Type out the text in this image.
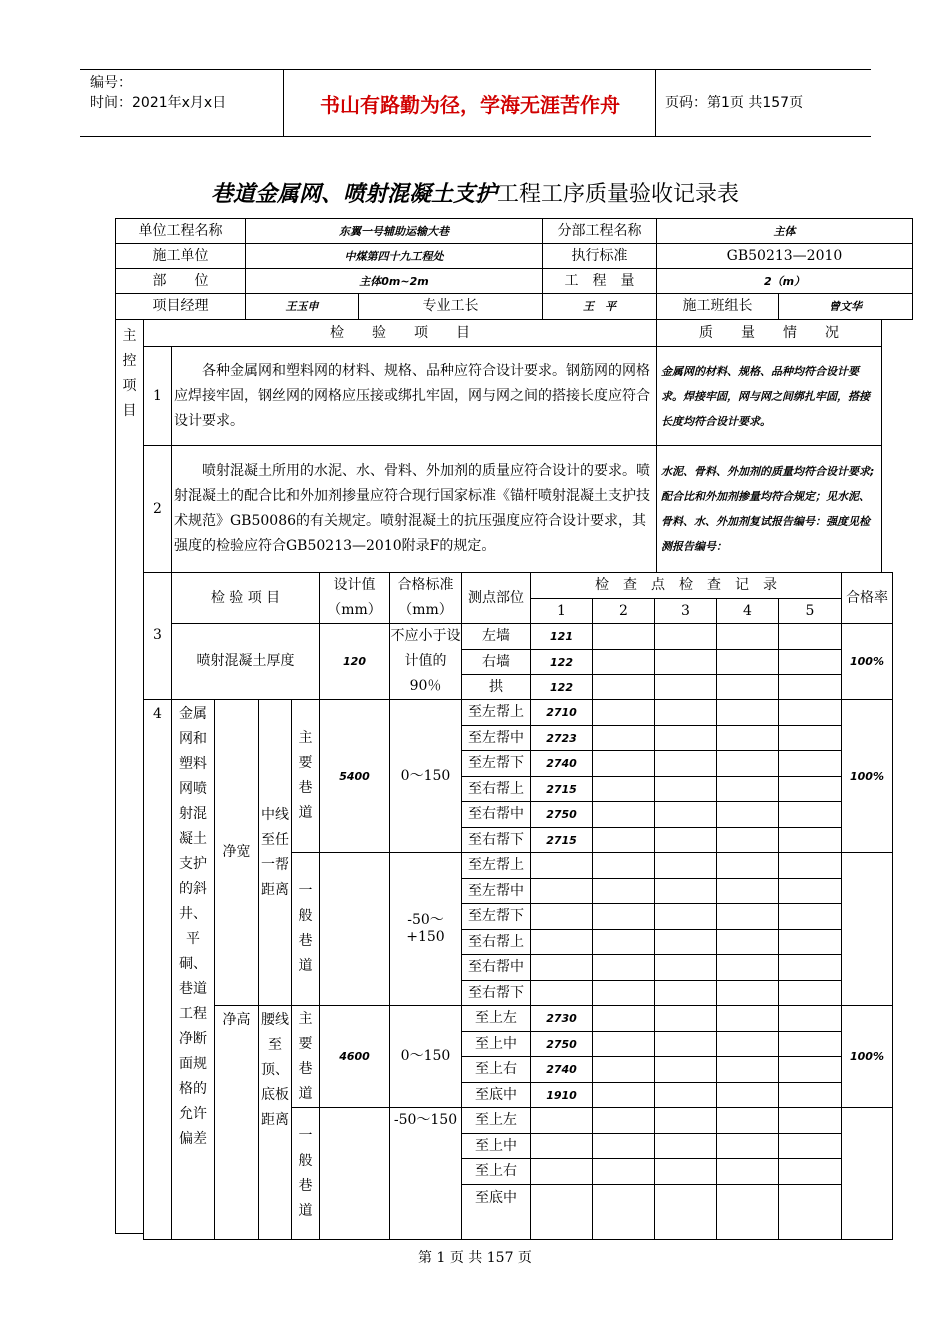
编号：
时间：2021年x月x日	书山有路勤为径，学海无涯苦作舟	页码：第1页 共157页
巷道金属网、喷射混凝土支护工程工序质量验收记录表
单位工程名称	东翼一号辅助运输大巷		分部工程名称	主体	
施工单位	中煤第四十九工程处		执行标准	GB50213—2010	
部　　位	主体0m~2m		工　程　量	2（m）	
项目经理	王玉申	专业工长	王　平	施工班组长	曾文华
主控项目	检　　验　　项　　目		质　　量　　情　　况	
	1	各种金属网和塑料网的材料、规格、品种应符合设计要求。钢筋网的网格应焊接牢固，钢丝网的网格应压接或绑扎牢固，网与网之间的搭接长度应符合设计要求。	金属网的材料、规格、品种均符合设计要求。焊接牢固，网与网之间绑扎牢固，搭接长度均符合设计要求。	
	2	喷射混凝土所用的水泥、水、骨料、外加剂的质量应符合设计的要求。喷射混凝土的配合比和外加剂掺量应符合现行国家标准《锚杆喷射混凝土支护技术规范》GB50086的有关规定。喷射混凝土的抗压强度应符合设计要求，其强度的检验应符合GB50213—2010附录F的规定。	水泥、骨料、外加剂的质量均符合设计要求;配合比和外加剂掺量均符合规定；见水泥、骨料、水、外加剂复试报告编号：强度见检测报告编号：	

3	检 验 项 目				设计值（mm）	合格标准（mm）	测点部位	检　查　点　检　查　记　录					合格率
								1	2	3	4	5	
	喷射混凝土厚度				120	不应小于设计值的90％	左墙	121					100%
							右墙	122					
							拱	122					
4	金属网和塑料网喷射混凝土支护的斜井、平硐、巷道工程净断面规格的允许偏差	净宽	中线至任一帮距离	主要巷道	5400	0～150	至左帮上	2710					100%
							至左帮中	2723					
							至左帮下	2740					
							至右帮上	2715					
							至右帮中	2750					
							至右帮下	2715					
				一般巷道		-50～+150	至左帮上						
							至左帮中						
							至左帮下						
							至右帮上						
							至右帮中						
							至右帮下						
		净高	腰线至顶、底板距离	主要巷道	4600	0～150	至上左	2730					100%
							至上中	2750					
							至上右	2740					
							至底中	1910					
				一般巷道		-50～150	至上左						
							至上中						
							至上右						
							至底中						
第 1 页 共 157 页
